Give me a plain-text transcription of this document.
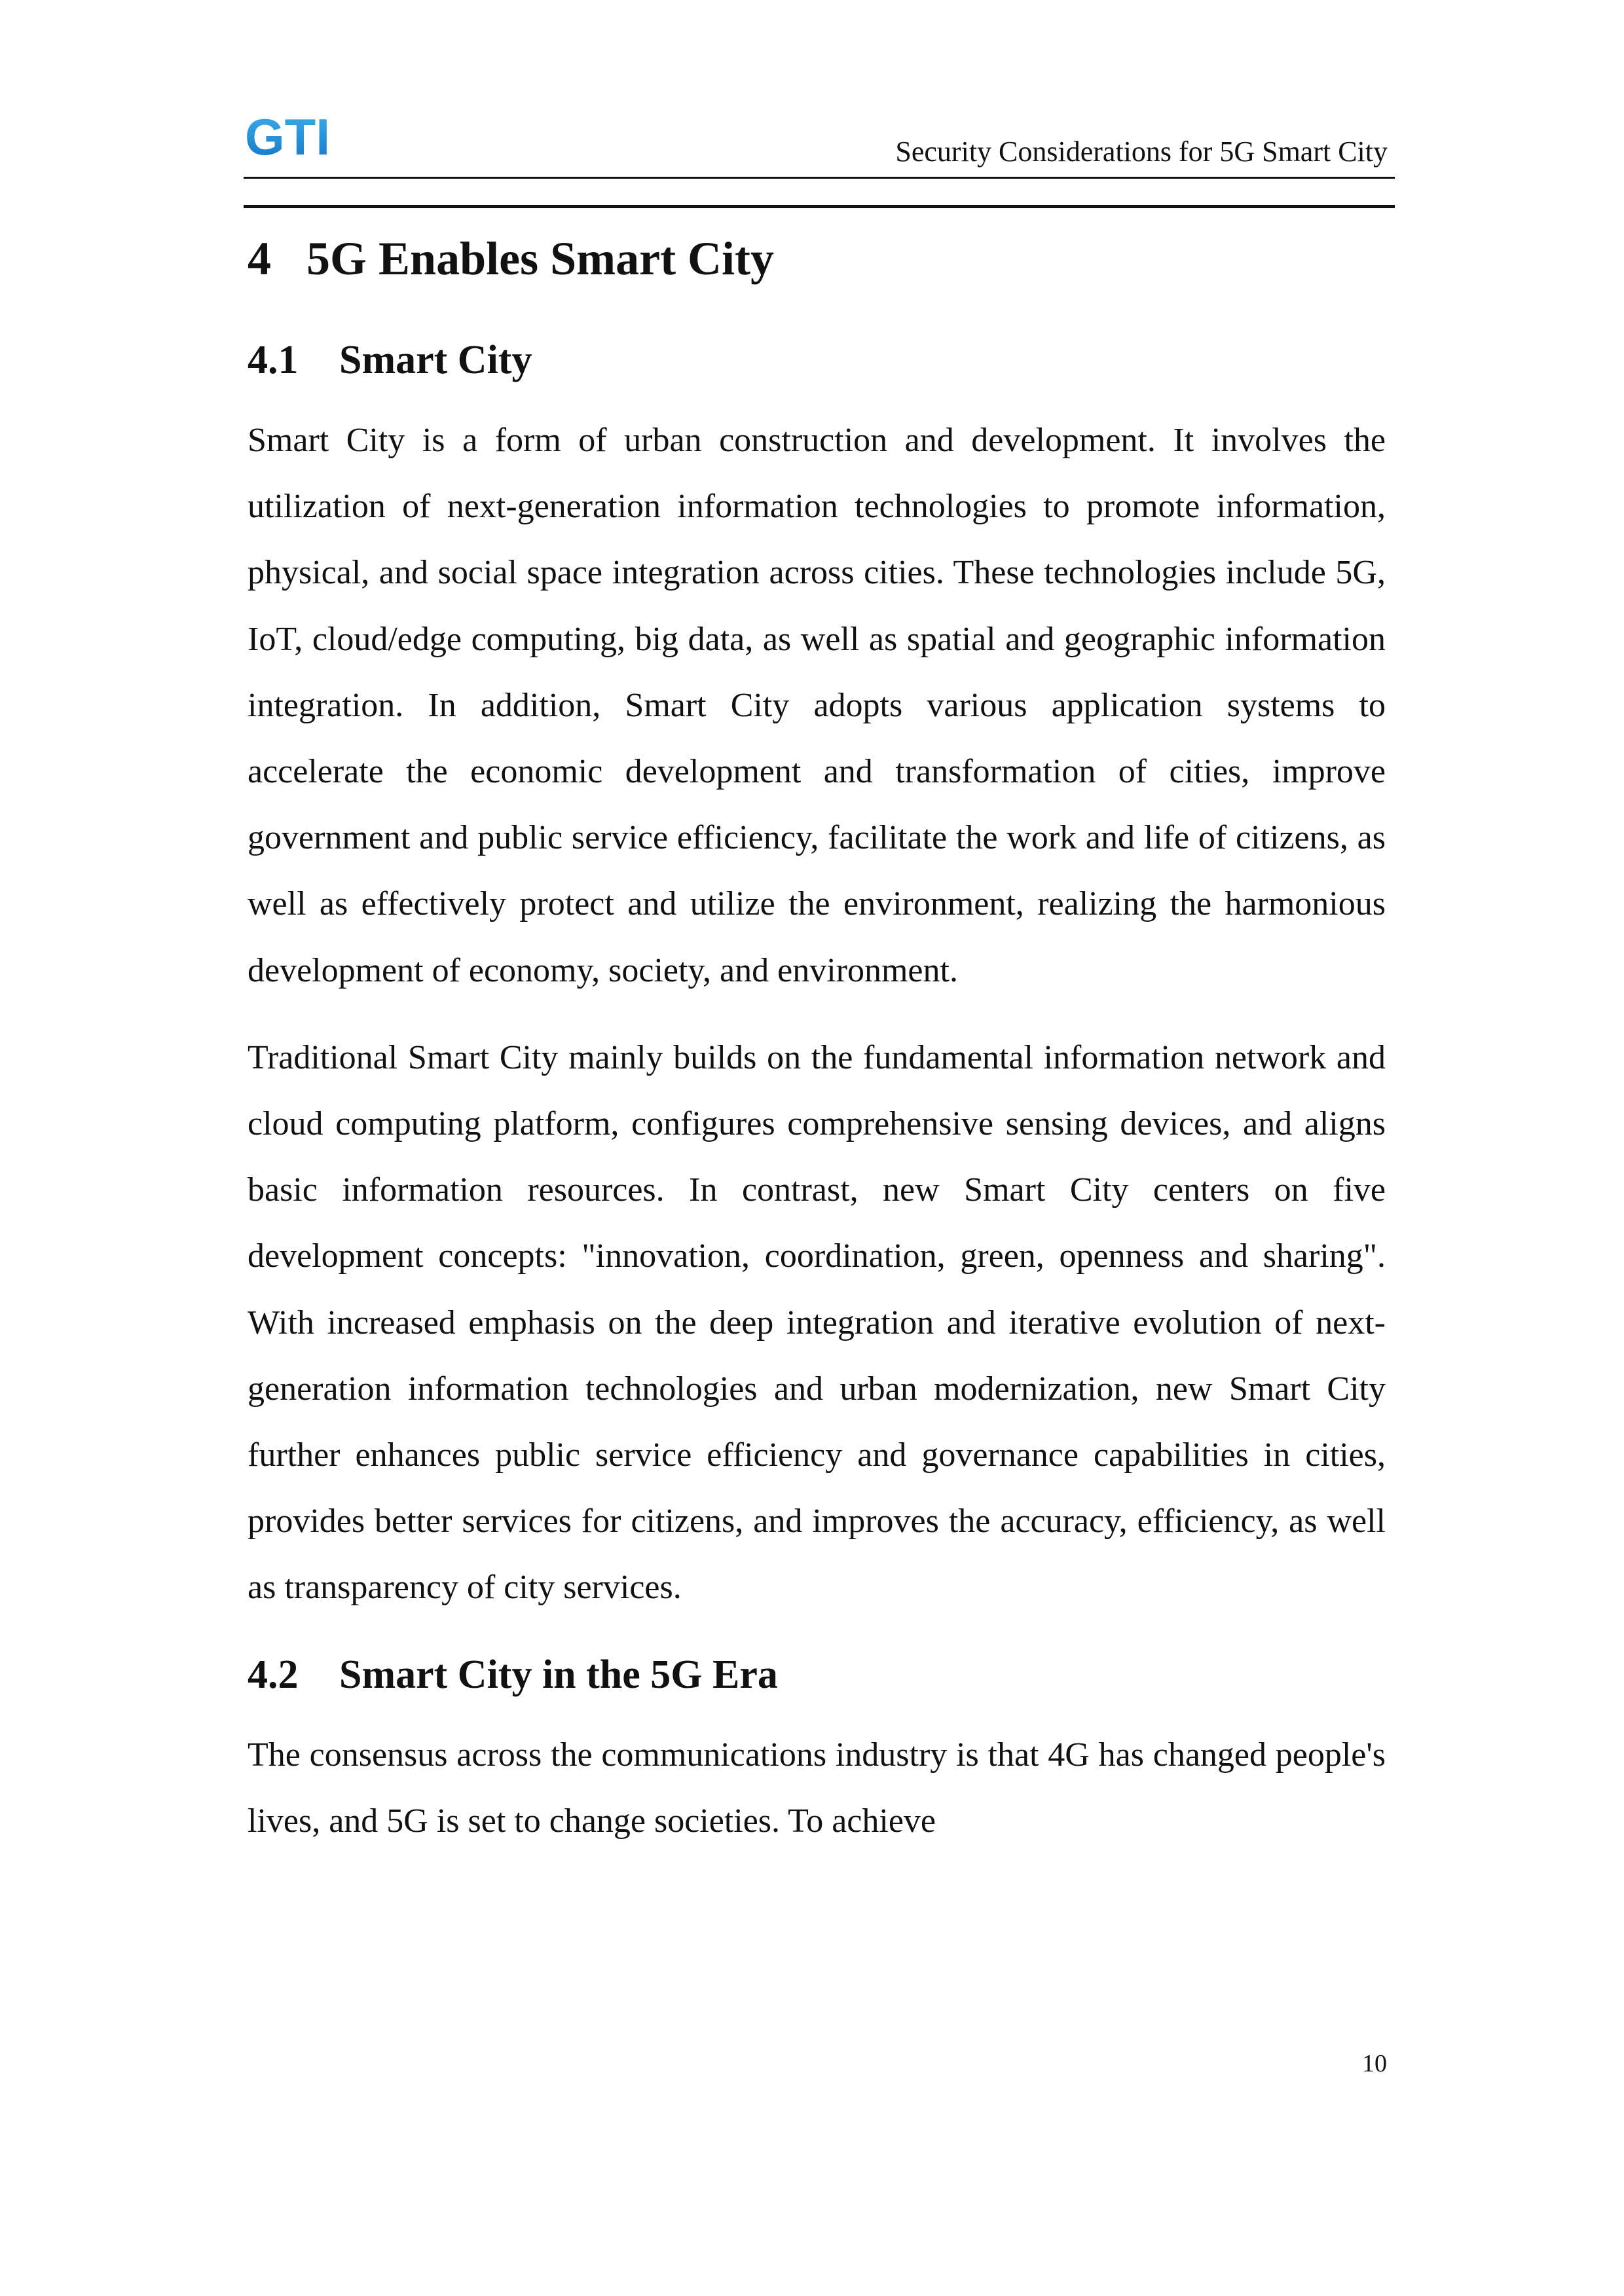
GTI	Security Considerations for 5G Smart City
4 5G Enables Smart City
4.1 Smart City

Smart City is a form of urban construction and development. It involves the utilization of next-generation information technologies to promote information, physical, and social space integration across cities. These technologies include 5G, IoT, cloud/edge computing, big data, as well as spatial and geographic information integration. In addition, Smart City adopts various application systems to accelerate the economic development and transformation of cities, improve government and public service efficiency, facilitate the work and life of citizens, as well as effectively protect and utilize the environment, realizing the harmonious development of economy, society, and environment.

Traditional Smart City mainly builds on the fundamental information network and cloud computing platform, configures comprehensive sensing devices, and aligns basic information resources. In contrast, new Smart City centers on five development concepts: "innovation, coordination, green, openness and sharing". With increased emphasis on the deep integration and iterative evolution of next-generation information technologies and urban modernization, new Smart City further enhances public service efficiency and governance capabilities in cities, provides better services for citizens, and improves the accuracy, efficiency, as well as transparency of city services.

4.2 Smart City in the 5G Era

The consensus across the communications industry is that 4G has changed people's lives, and 5G is set to change societies. To achieve

10
